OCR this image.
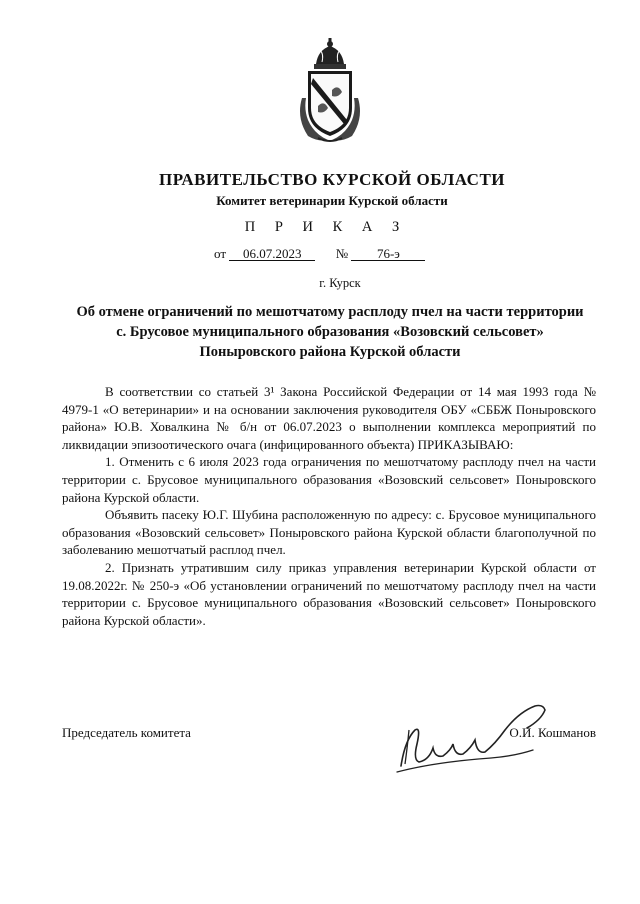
ПРАВИТЕЛЬСТВО КУРСКОЙ ОБЛАСТИ
Комитет ветеринарии Курской области
П Р И К А З
от 06.07.2023	№ 76-э
г. Курск
Об отмене ограничений по мешотчатому расплоду пчел на части территории
с. Брусовое муниципального образования «Возовский сельсовет»
Поныровского района Курской области

В соответствии со статьей 3¹ Закона Российской Федерации от 14 мая 1993 года № 4979-1 «О ветеринарии» и на основании заключения руководителя ОБУ «СББЖ Поныровского района» Ю.В. Ховалкина № б/н от 06.07.2023 о выполнении комплекса мероприятий по ликвидации эпизоотического очага (инфицированного объекта) ПРИКАЗЫВАЮ:

1. Отменить с 6 июля 2023 года ограничения по мешотчатому расплоду пчел на части территории с. Брусовое муниципального образования «Возовский сельсовет» Поныровского района Курской области.

Объявить пасеку Ю.Г. Шубина расположенную по адресу: с. Брусовое муниципального образования «Возовский сельсовет» Поныровского района Курской области благополучной по заболеванию мешотчатый расплод пчел.

2. Признать утратившим силу приказ управления ветеринарии Курской области от 19.08.2022г. № 250-э «Об установлении ограничений по мешотчатому расплоду пчел на части территории с. Брусовое муниципального образования «Возовский сельсовет» Поныровского района Курской области».

Председатель комитета	О.И. Кошманов
